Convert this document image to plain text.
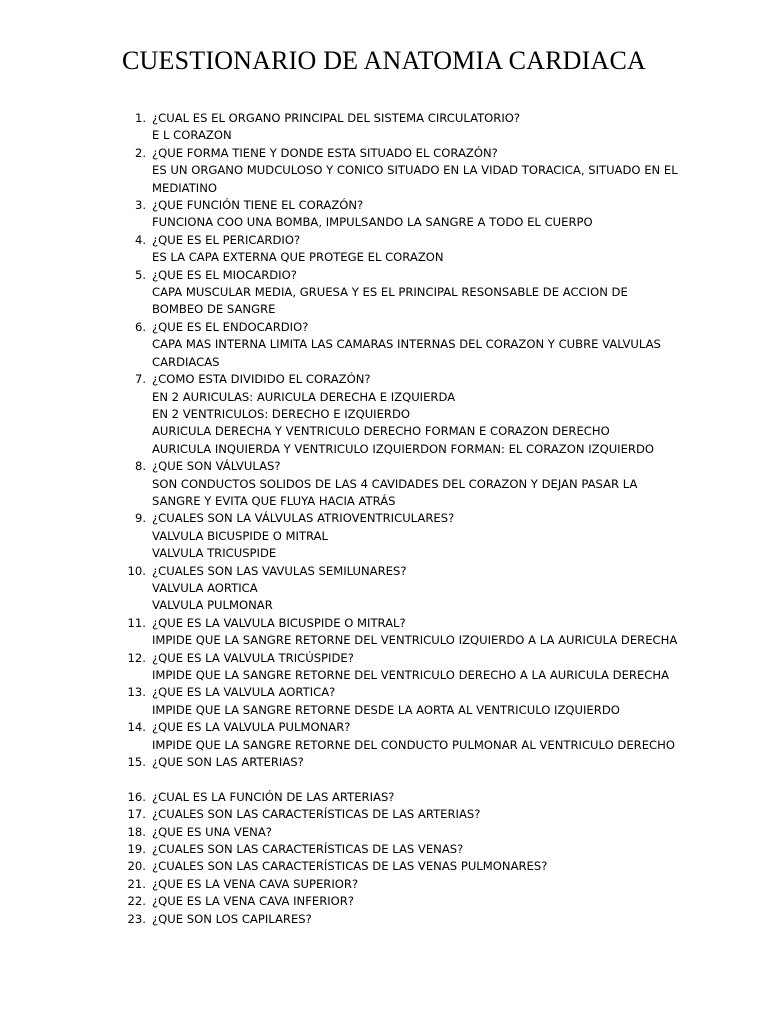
CUESTIONARIO DE ANATOMIA CARDIACA
1. ¿CUAL ES EL ORGANO PRINCIPAL DEL SISTEMA CIRCULATORIO?
E L CORAZON
2. ¿QUE FORMA TIENE Y DONDE ESTA SITUADO EL CORAZÓN?
ES UN ORGANO MUDCULOSO Y CONICO SITUADO EN LA VIDAD TORACICA, SITUADO EN EL MEDIATINO
3. ¿QUE FUNCIÓN TIENE EL CORAZÓN?
FUNCIONA COO UNA BOMBA, IMPULSANDO LA SANGRE A TODO EL CUERPO
4. ¿QUE ES EL PERICARDIO?
ES LA CAPA EXTERNA QUE PROTEGE EL CORAZON
5. ¿QUE ES EL MIOCARDIO?
CAPA MUSCULAR MEDIA, GRUESA Y ES EL PRINCIPAL RESONSABLE DE ACCION DE BOMBEO DE SANGRE
6. ¿QUE ES EL ENDOCARDIO?
CAPA MAS INTERNA LIMITA LAS CAMARAS INTERNAS DEL CORAZON Y CUBRE VALVULAS CARDIACAS
7. ¿COMO ESTA DIVIDIDO EL CORAZÓN?
EN 2 AURICULAS: AURICULA DERECHA E IZQUIERDA
EN 2 VENTRICULOS: DERECHO E IZQUIERDO
AURICULA DERECHA Y VENTRICULO DERECHO FORMAN E CORAZON DERECHO
AURICULA INQUIERDA Y VENTRICULO IZQUIERDON FORMAN: EL CORAZON IZQUIERDO
8. ¿QUE SON VÁLVULAS?
SON CONDUCTOS SOLIDOS DE LAS 4 CAVIDADES DEL CORAZON Y DEJAN PASAR LA SANGRE Y EVITA QUE FLUYA HACIA ATRÁS
9. ¿CUALES SON LA VÁLVULAS ATRIOVENTRICULARES?
VALVULA BICUSPIDE O MITRAL
VALVULA TRICUSPIDE
10. ¿CUALES SON LAS VAVULAS SEMILUNARES?
VALVULA AORTICA
VALVULA PULMONAR
11. ¿QUE ES LA VALVULA BICUSPIDE O MITRAL?
IMPIDE QUE LA SANGRE RETORNE DEL VENTRICULO IZQUIERDO A LA AURICULA DERECHA
12. ¿QUE ES LA VALVULA TRICÚSPIDE?
IMPIDE QUE LA SANGRE RETORNE DEL VENTRICULO DERECHO A LA AURICULA DERECHA
13. ¿QUE ES LA VALVULA AORTICA?
IMPIDE QUE LA SANGRE RETORNE DESDE LA AORTA AL VENTRICULO IZQUIERDO
14. ¿QUE ES LA VALVULA PULMONAR?
IMPIDE QUE LA SANGRE RETORNE DEL CONDUCTO PULMONAR AL VENTRICULO DERECHO
15. ¿QUE SON LAS ARTERIAS?
16. ¿CUAL ES LA FUNCIÓN DE LAS ARTERIAS?
17. ¿CUALES SON LAS CARACTERÍSTICAS DE LAS ARTERIAS?
18. ¿QUE ES UNA VENA?
19. ¿CUALES SON LAS CARACTERÍSTICAS DE LAS VENAS?
20. ¿CUALES SON LAS CARACTERÍSTICAS DE LAS VENAS PULMONARES?
21. ¿QUE ES LA VENA CAVA SUPERIOR?
22. ¿QUE ES LA VENA CAVA INFERIOR?
23. ¿QUE SON LOS CAPILARES?
